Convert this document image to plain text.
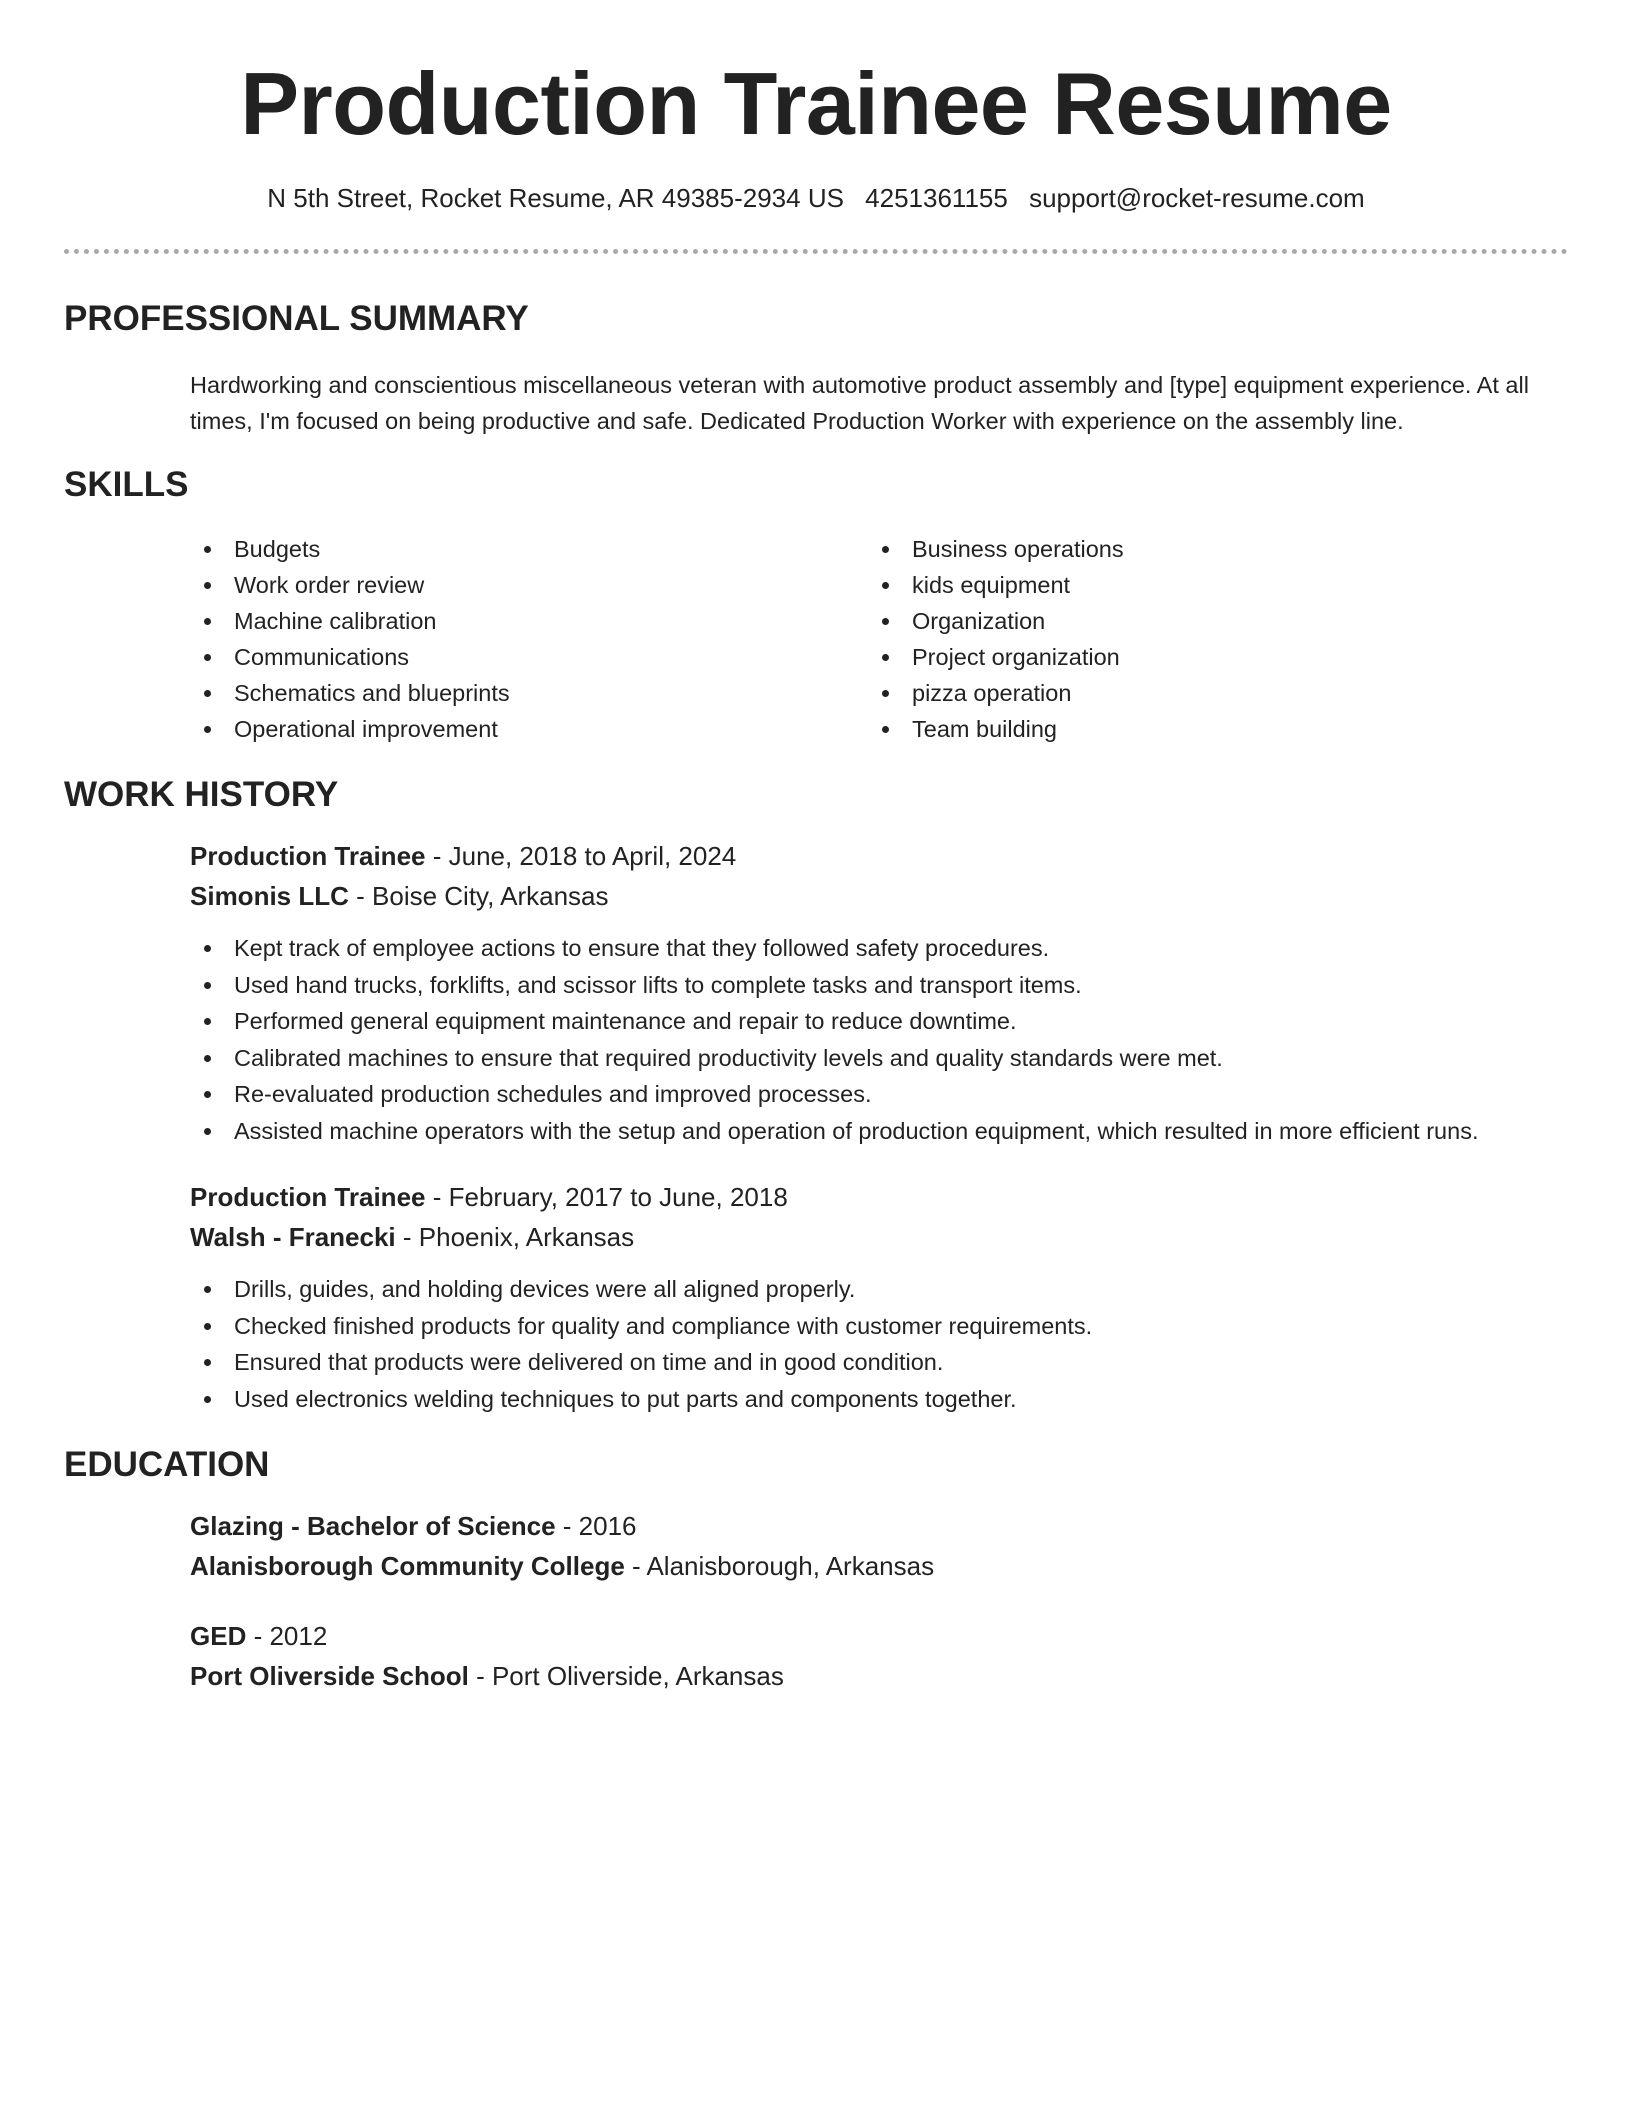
Production Trainee Resume
N 5th Street, Rocket Resume, AR 49385-2934 US 4251361155 support@rocket-resume.com
PROFESSIONAL SUMMARY

Hardworking and conscientious miscellaneous veteran with automotive product assembly and [type] equipment experience. At all times, I'm focused on being productive and safe. Dedicated Production Worker with experience on the assembly line.

SKILLS
Budgets
Work order review
Machine calibration
Communications
Schematics and blueprints
Operational improvement
Business operations
kids equipment
Organization
Project organization
pizza operation
Team building
WORK HISTORY
Production Trainee - June, 2018 to April, 2024
Simonis LLC - Boise City, Arkansas
Kept track of employee actions to ensure that they followed safety procedures.
Used hand trucks, forklifts, and scissor lifts to complete tasks and transport items.
Performed general equipment maintenance and repair to reduce downtime.
Calibrated machines to ensure that required productivity levels and quality standards were met.
Re-evaluated production schedules and improved processes.
Assisted machine operators with the setup and operation of production equipment, which resulted in more efficient runs.
Production Trainee - February, 2017 to June, 2018
Walsh - Franecki - Phoenix, Arkansas
Drills, guides, and holding devices were all aligned properly.
Checked finished products for quality and compliance with customer requirements.
Ensured that products were delivered on time and in good condition.
Used electronics welding techniques to put parts and components together.
EDUCATION
Glazing - Bachelor of Science - 2016
Alanisborough Community College - Alanisborough, Arkansas
GED - 2012
Port Oliverside School - Port Oliverside, Arkansas
